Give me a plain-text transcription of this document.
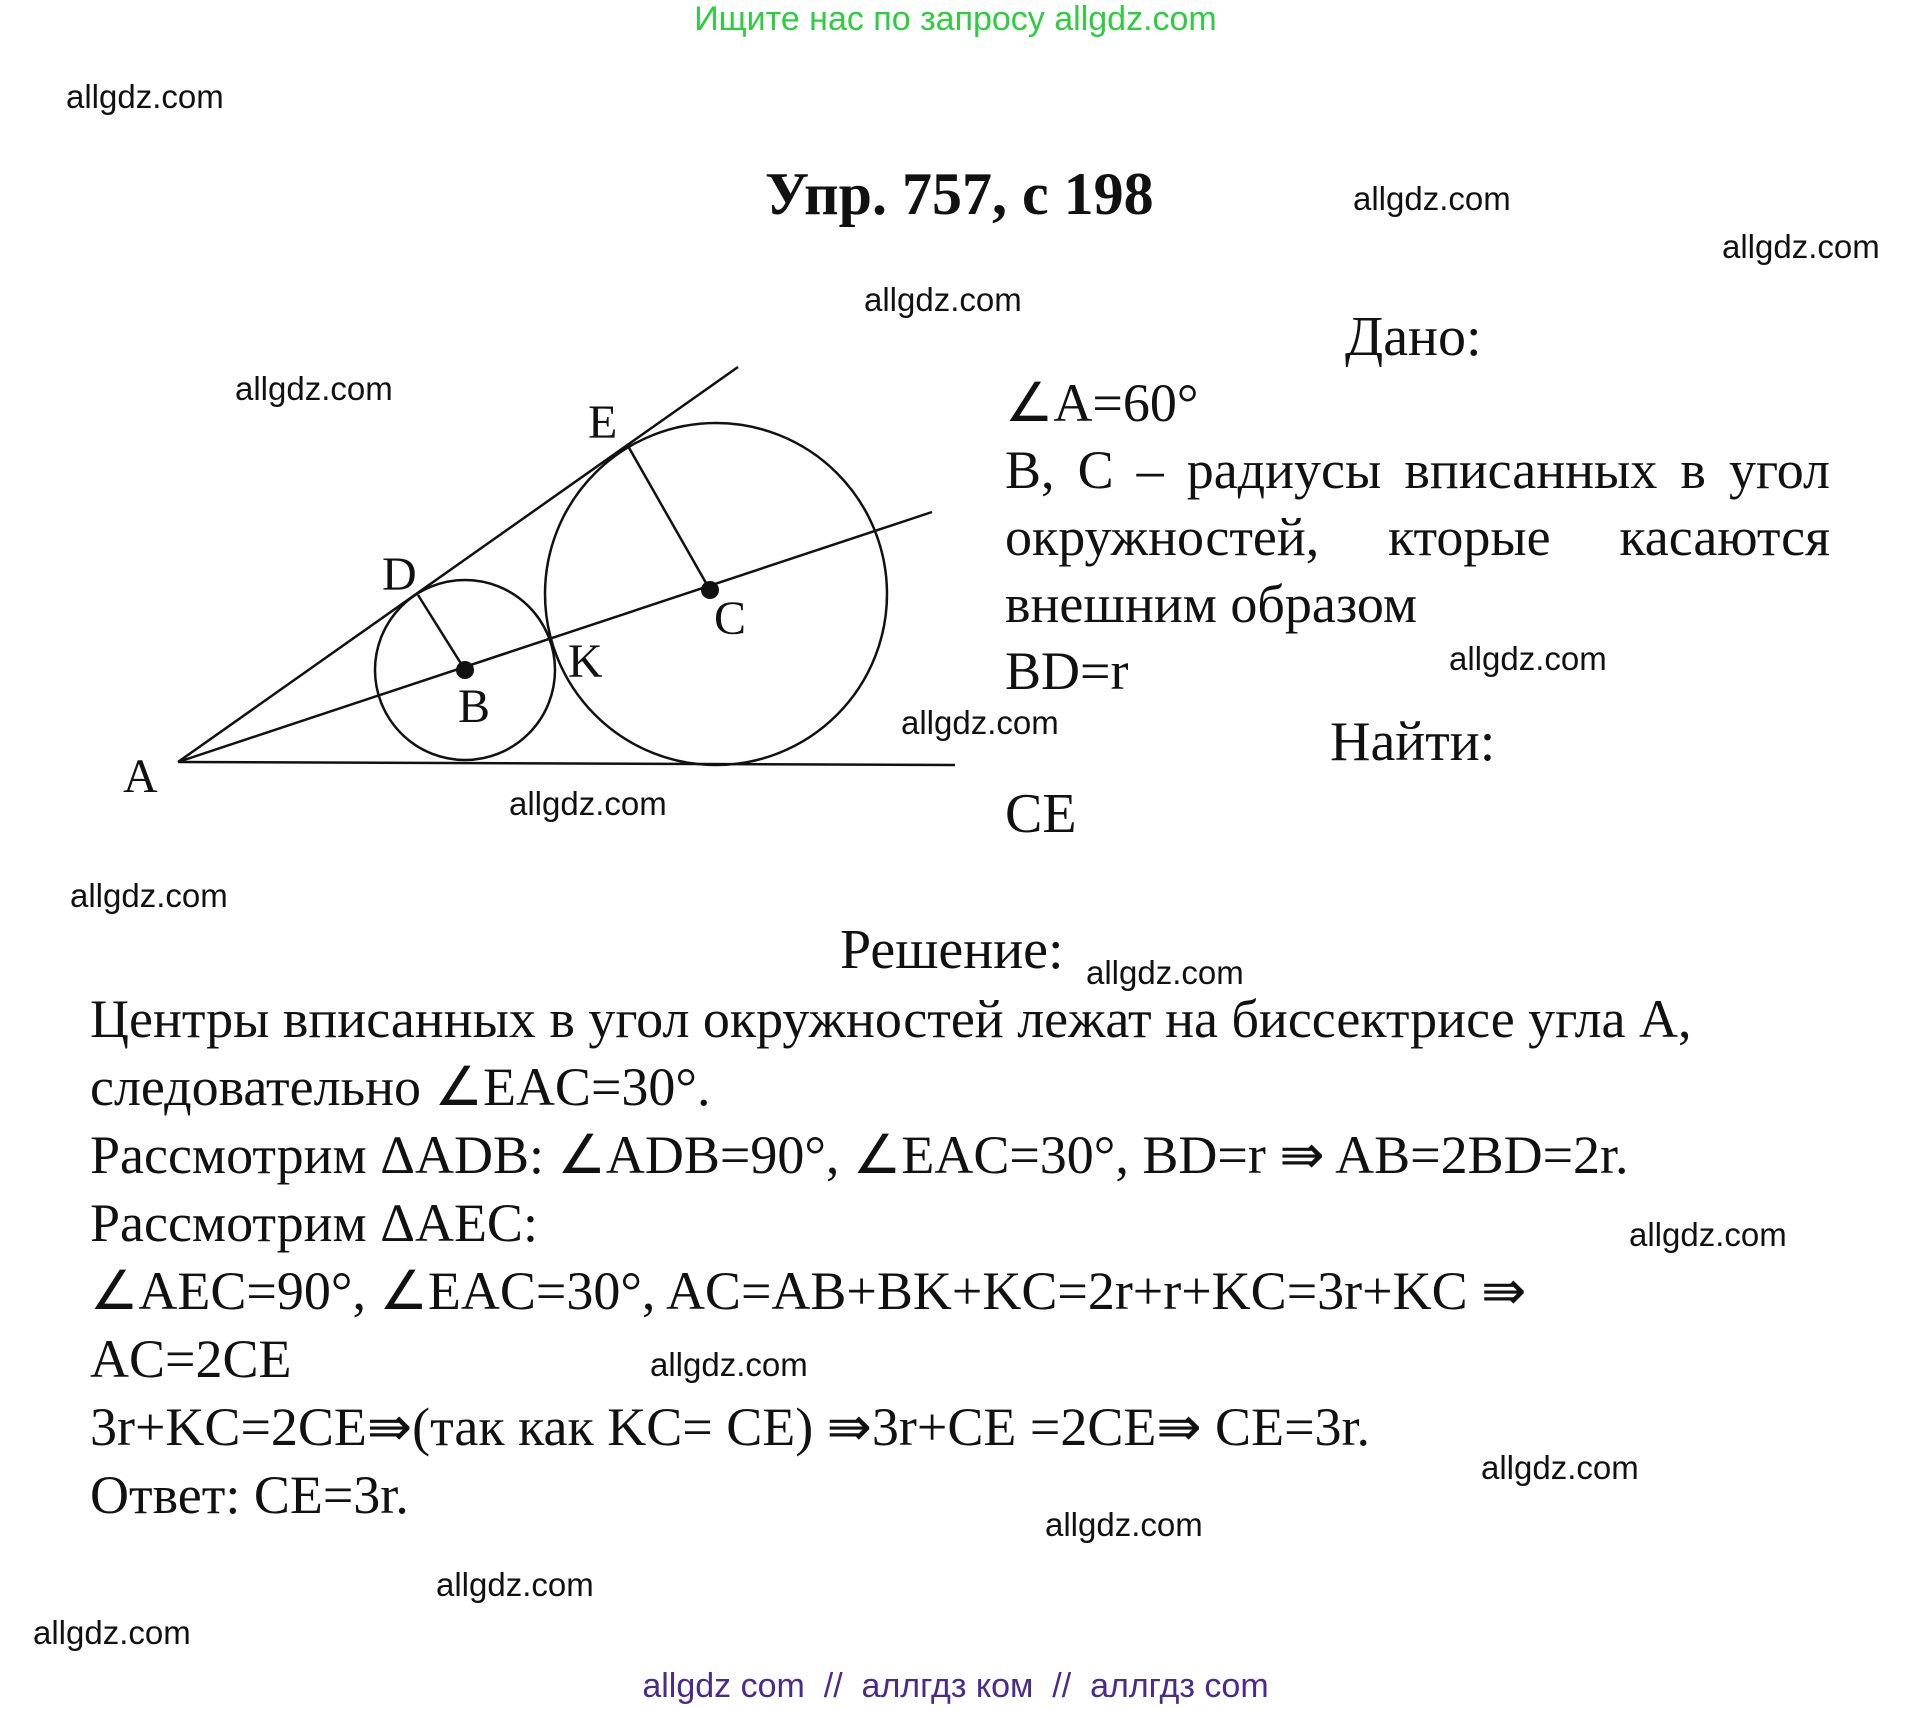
Ищите нас по запросу allgdz.com
Упр. 757, с 198
A
B
C
D
E
K
Дано:

∠A=60°

B, C – радиусы вписанных в угол

окружностей, кторые касаются

внешним образом

BD=r

Найти:
CE
Решение:

Центры вписанных в угол окружностей лежат на биссектрисе угла A,

следовательно ∠EAC=30°.

Рассмотрим ΔADB: ∠ADB=90°, ∠EAC=30°, BD=r ⇛ AB=2BD=2r.

Рассмотрим ΔAEC:

∠AEC=90°, ∠EAC=30°, AC=AB+BK+KC=2r+r+KC=3r+KC ⇛

AC=2CE

3r+KC=2CE⇛(так как KC= CE) ⇛3r+CE =2CE⇛ CE=3r.

Ответ: CE=3r.

allgdz.com
allgdz.com
allgdz.com
allgdz.com
allgdz.com
allgdz.com
allgdz.com
allgdz.com
allgdz.com
allgdz.com
allgdz.com
allgdz.com
allgdz.com
allgdz.com
allgdz.com
allgdz.com
allgdz com  //  аллгдз ком  //  аллгдз com
